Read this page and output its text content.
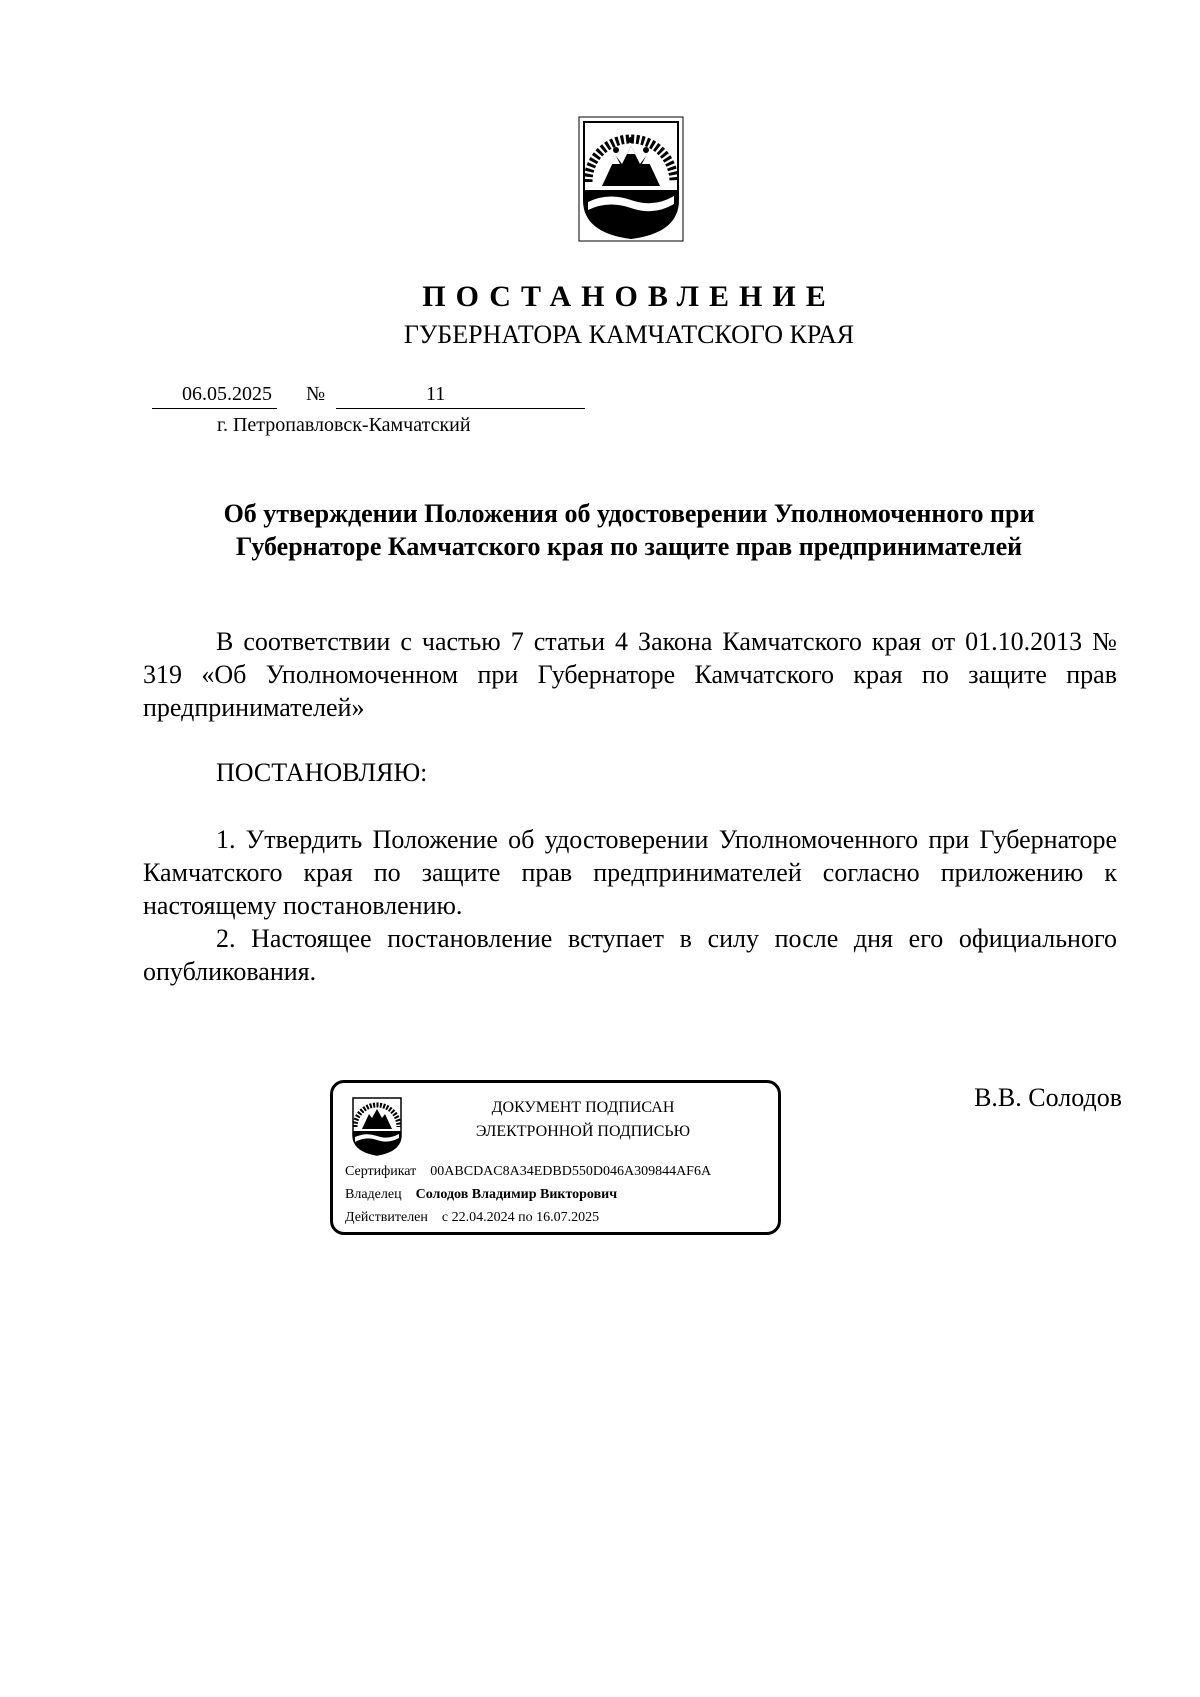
ПОСТАНОВЛЕНИЕ
ГУБЕРНАТОРА КАМЧАТСКОГО КРАЯ
06.05.2025 №	11
г. Петропавловск-Камчатский
Об утверждении Положения об удостоверении Уполномоченного при Губернаторе Камчатского края по защите прав предпринимателей
В соответствии с частью 7 статьи 4 Закона Камчатского края от 01.10.2013 № 319 «Об Уполномоченном при Губернаторе Камчатского края по защите прав предпринимателей»
ПОСТАНОВЛЯЮ:
1. Утвердить Положение об удостоверении Уполномоченного при Губернаторе Камчатского края по защите прав предпринимателей согласно приложению к настоящему постановлению.
2. Настоящее постановление вступает в силу после дня его официального опубликования.
ДОКУМЕНТ ПОДПИСАН
ЭЛЕКТРОННОЙ ПОДПИСЬЮ
Сертификат 00ABCDAC8A34EDBD550D046A309844AF6A
Владелец Солодов Владимир Викторович
Действителен с 22.04.2024 по 16.07.2025
В.В. Солодов
